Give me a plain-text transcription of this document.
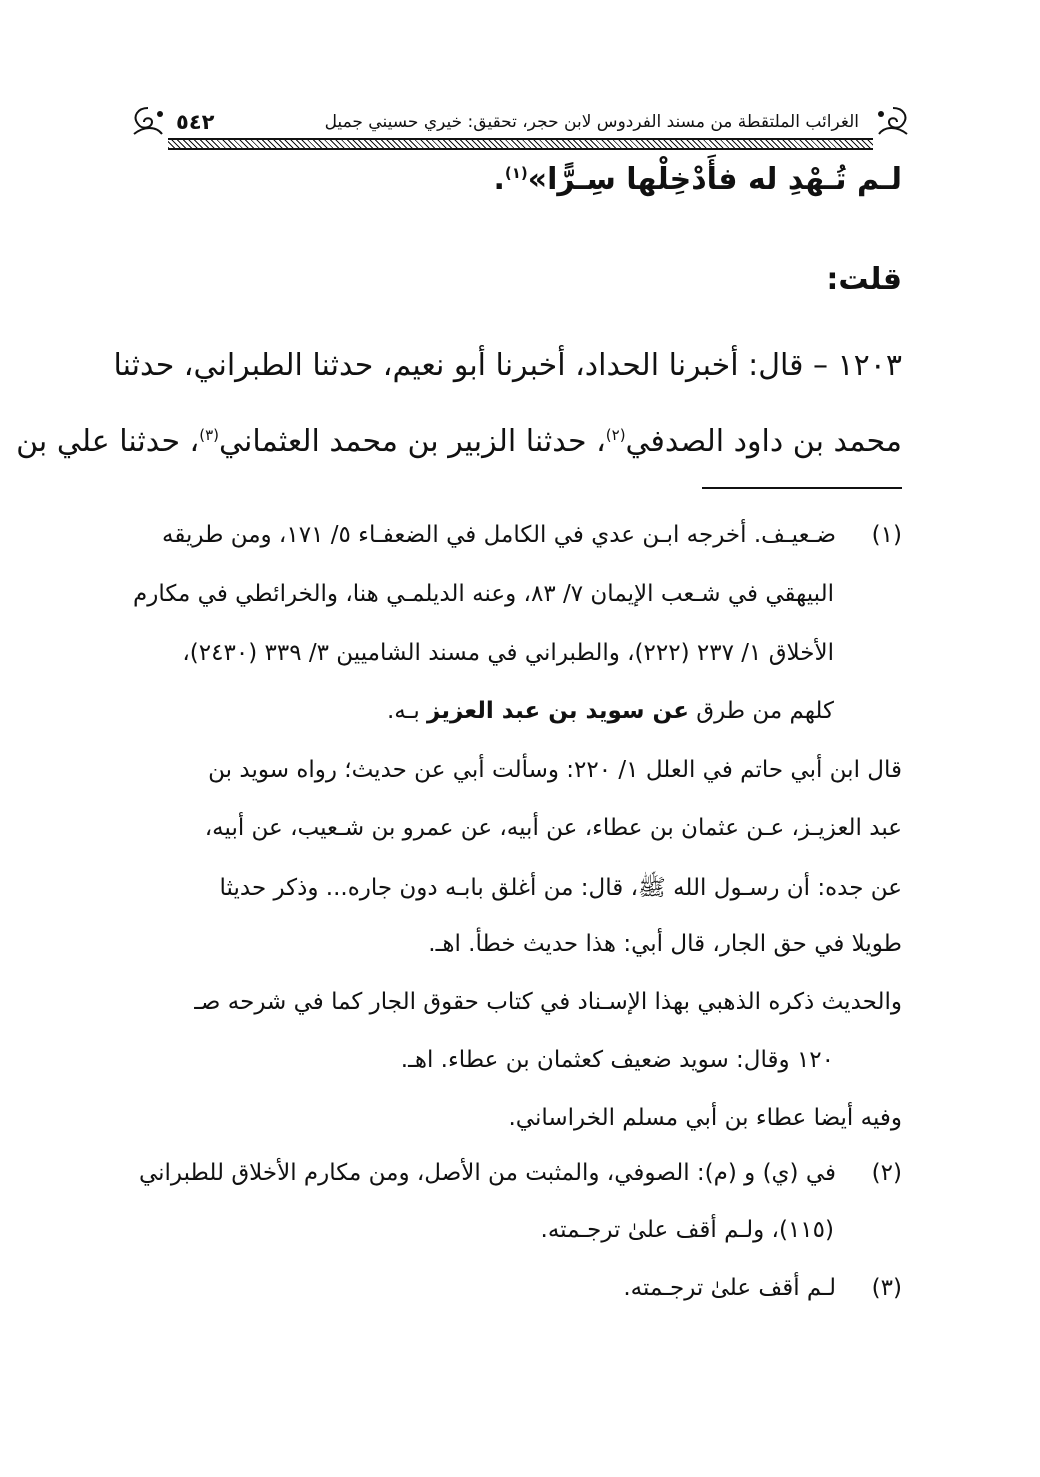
الغرائب الملتقطة من مسند الفردوس لابن حجر، تحقيق: خيري حسيني جميل
٥٤٢
لـم تُـهْدِ له فأَدْخِلْها سِـرًّا»$^{(١)}$.
قلت:
١٢٠٣ – قال: أخبرنا الحداد، أخبرنا أبو نعيم، حدثنا الطبراني، حدثنا
محمد بن داود الصدفي$^{(٢)}$، حدثنا الزبير بن محمد العثماني$^{(٣)}$، حدثنا علي بن
(١)
ضـعيـف. أخرجه ابـن عدي في الكامل في الضعفـاء ٥/ ١٧١، ومن طريقه
البيهقي في شـعب الإيمان ٧/ ٨٣، وعنه الديلمـي هنا، والخرائطي في مكارم
الأخلاق ١/ ٢٣٧ (٢٢٢)، والطبراني في مسند الشاميين ٣/ ٣٣٩ (٢٤٣٠)،
كلهم من طرق عن سويد بن عبد العزيز بـه.
قال ابن أبي حاتم في العلل ١/ ٢٢٠: وسألت أبي عن حديث؛ رواه سويد بن
عبد العزيـز، عـن عثمان بن عطاء، عن أبيه، عن عمرو بن شـعيب، عن أبيه،
عن جده: أن رسـول الله ﷺ، قال: من أغلق بابـه دون جاره... وذكر حديثا
طويلا في حق الجار، قال أبي: هذا حديث خطأ. اهـ.
والحديث ذكره الذهبي بهذا الإسـناد في كتاب حقوق الجار كما في شرحه صـ
١٢٠ وقال: سويد ضعيف كعثمان بن عطاء. اهـ.
وفيه أيضا عطاء بن أبي مسلم الخراساني.
(٢)
في (ي) و (م): الصوفي، والمثبت من الأصل، ومن مكارم الأخلاق للطبراني
(١١٥)، ولـم أقف علىٰ ترجـمته.
(٣)
لـم أقف علىٰ ترجـمته.
